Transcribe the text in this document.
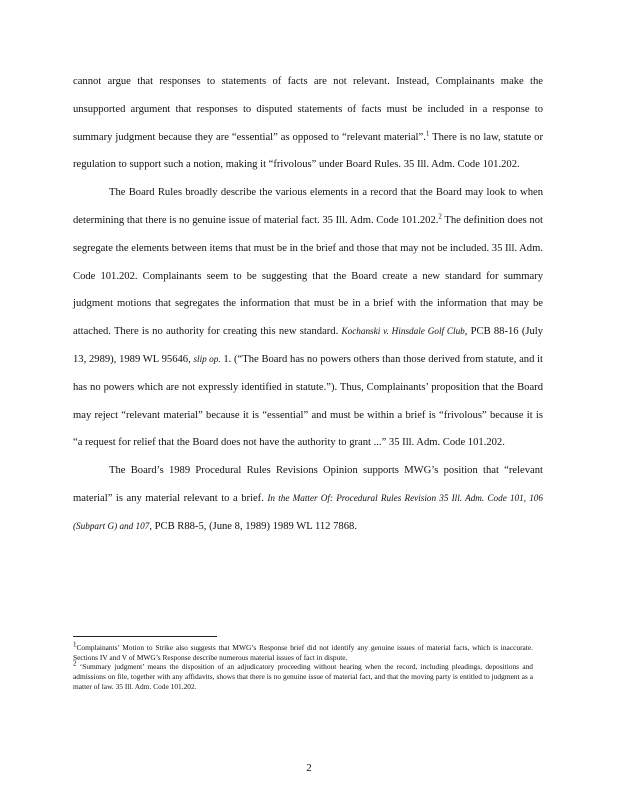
cannot argue that responses to statements of facts are not relevant. Instead, Complainants make the unsupported argument that responses to disputed statements of facts must be included in a response to summary judgment because they are “essential” as opposed to “relevant material”.$^1$ There is no law, statute or regulation to support such a notion, making it “frivolous” under Board Rules. 35 Ill. Adm. Code 101.202.

The Board Rules broadly describe the various elements in a record that the Board may look to when determining that there is no genuine issue of material fact. 35 Ill. Adm. Code 101.202.$^2$ The definition does not segregate the elements between items that must be in the brief and those that may not be included. 35 Ill. Adm. Code 101.202. Complainants seem to be suggesting that the Board create a new standard for summary judgment motions that segregates the information that must be in a brief with the information that may be attached. There is no authority for creating this new standard. Kochanski v. Hinsdale Golf Club, PCB 88-16 (July 13, 2989), 1989 WL 95646, slip op. 1. (“The Board has no powers others than those derived from statute, and it has no powers which are not expressly identified in statute.”). Thus, Complainants’ proposition that the Board may reject “relevant material” because it is “essential” and must be within a brief is “frivolous” because it is “a request for relief that the Board does not have the authority to grant ...” 35 Ill. Adm. Code 101.202.

The Board’s 1989 Procedural Rules Revisions Opinion supports MWG’s position that “relevant material” is any material relevant to a brief. In the Matter Of: Procedural Rules Revision 35 Ill. Adm. Code 101, 106 (Subpart G) and 107, PCB R88-5, (June 8, 1989) 1989 WL 112 7868.

$^1$Complainants’ Motion to Strike also suggests that MWG’s Response brief did not identify any genuine issues of material facts, which is inaccurate. Sections IV and V of MWG’s Response describe numerous material issues of fact in dispute.

$^2$ ‘Summary judgment’ means the disposition of an adjudicatory proceeding without hearing when the record, including pleadings, depositions and admissions on file, together with any affidavits, shows that there is no genuine issue of material fact, and that the moving party is entitled to judgment as a matter of law. 35 Ill. Adm. Code 101.202.

2
